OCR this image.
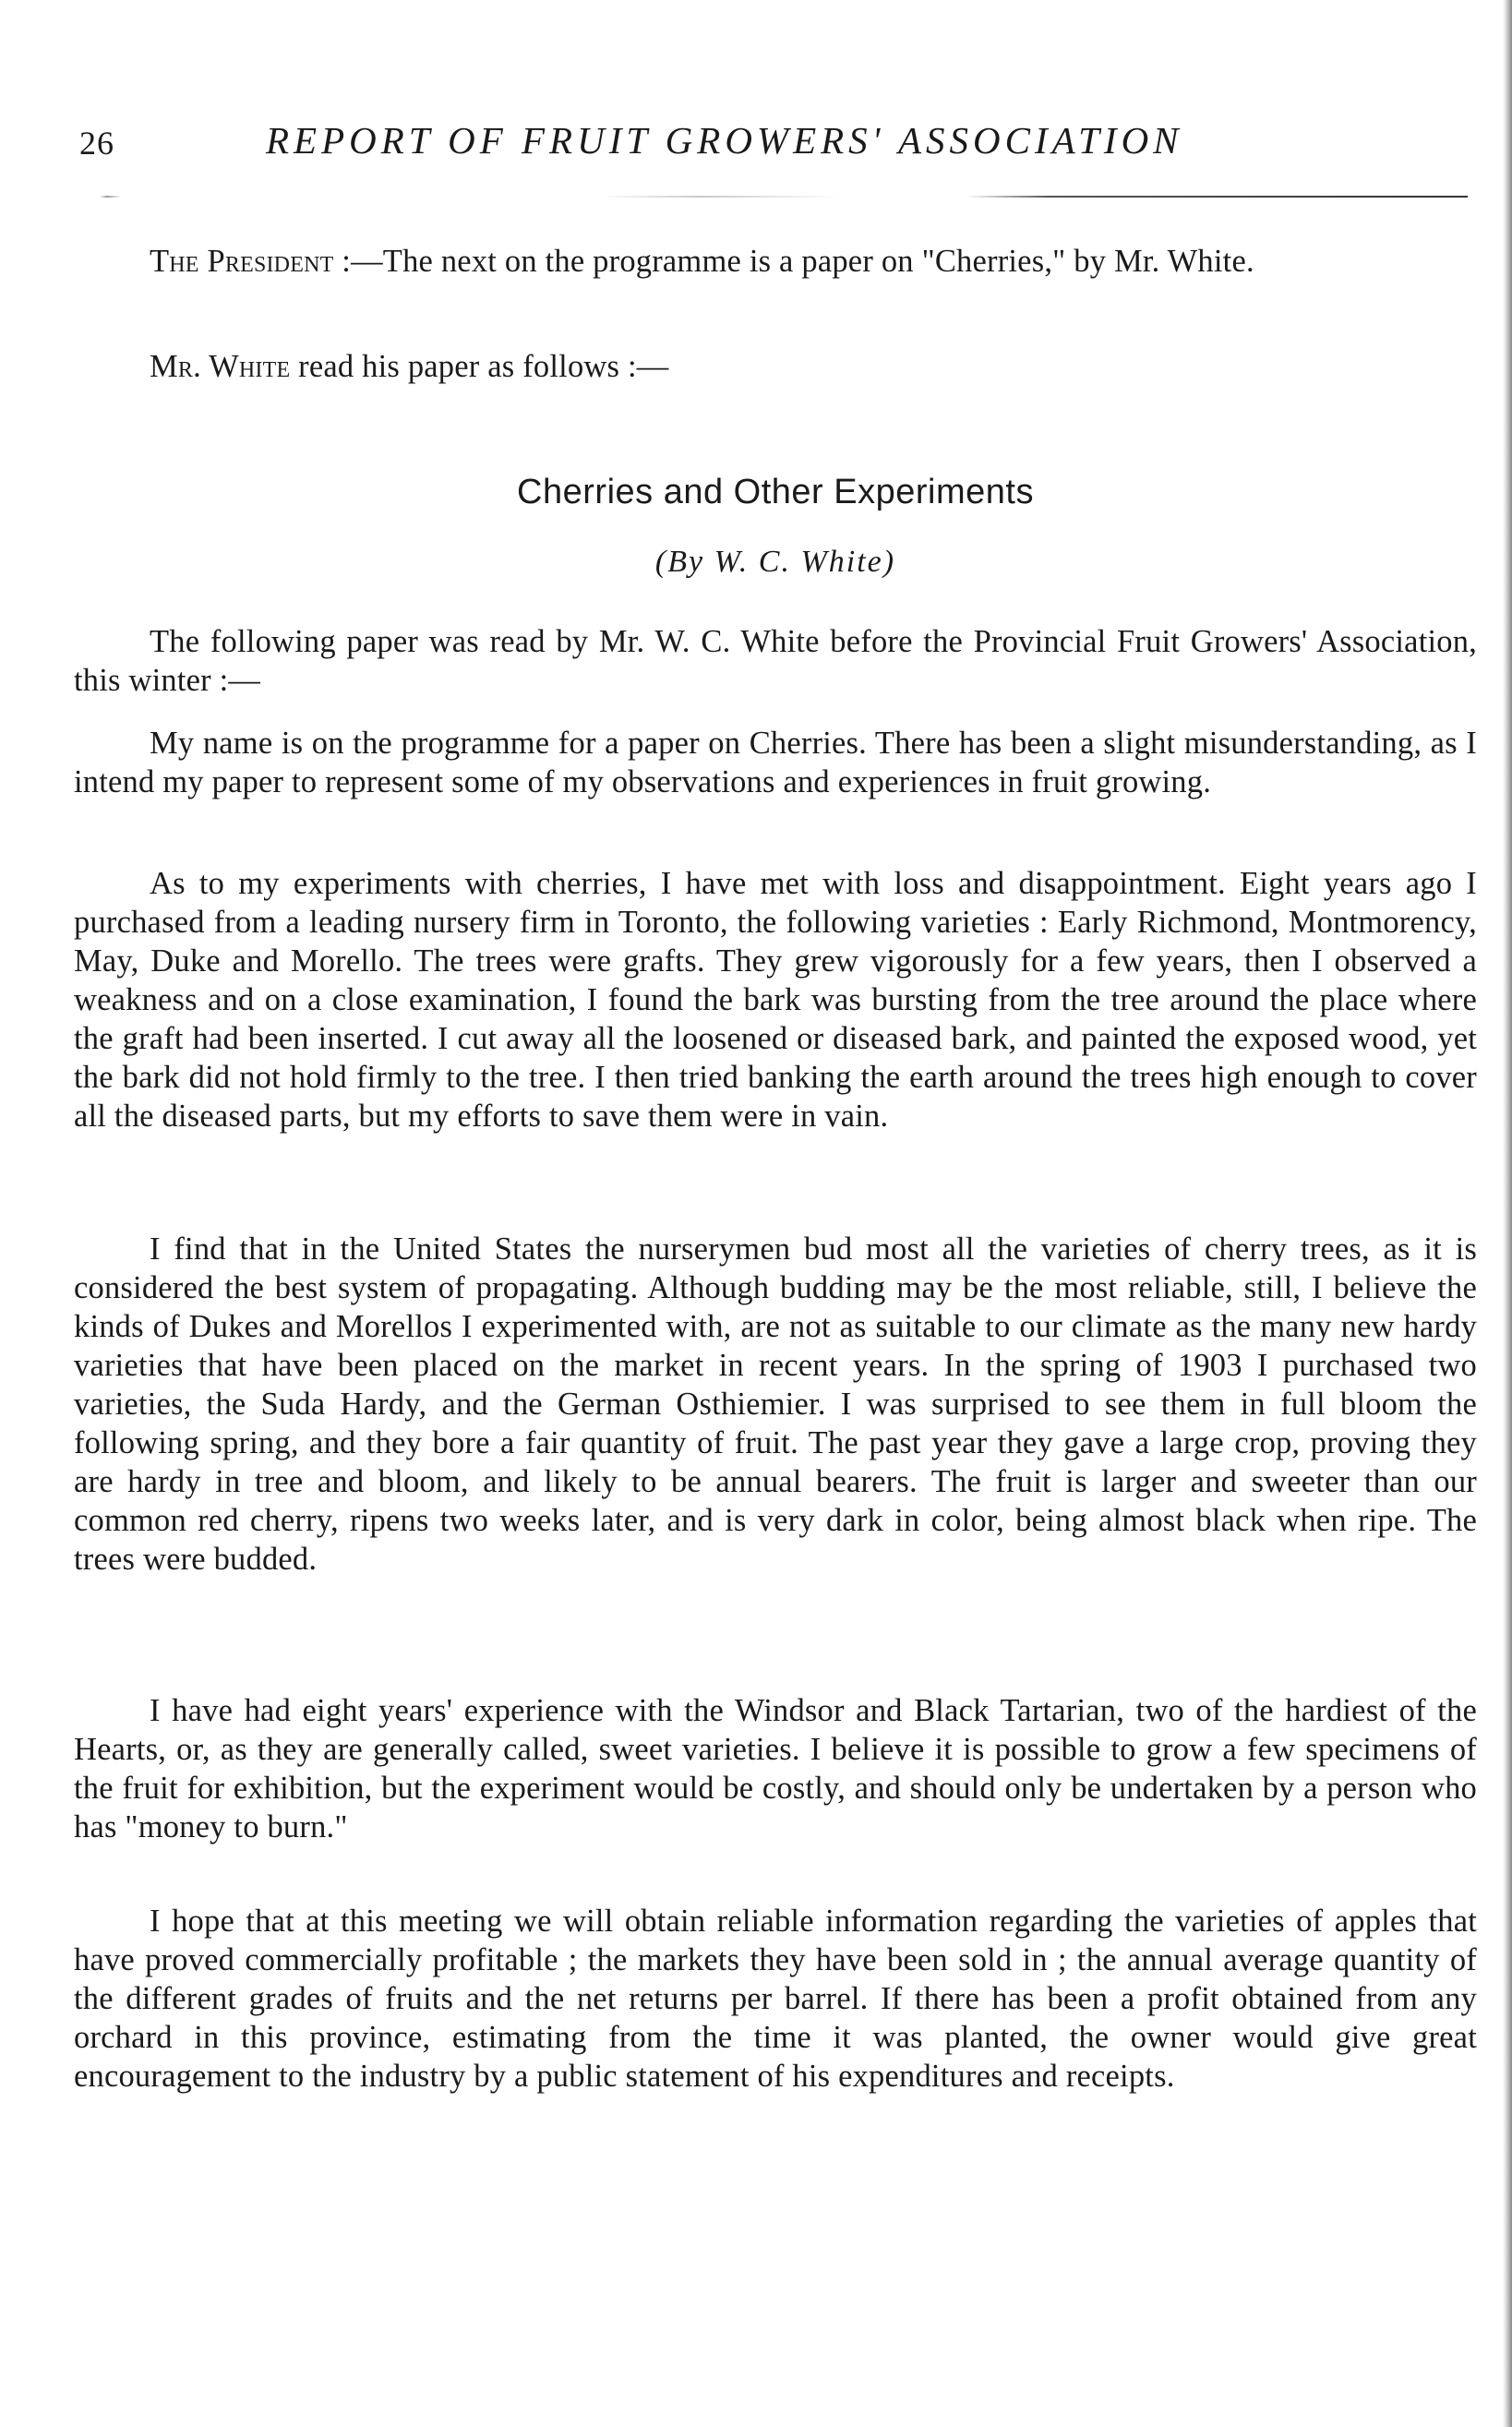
26	REPORT OF FRUIT GROWERS' ASSOCIATION

The President :—The next on the programme is a paper on "Cherries," by Mr. White.

Mr. White read his paper as follows :—

Cherries and Other Experiments
(By W. C. White)

The following paper was read by Mr. W. C. White before the Provincial Fruit Growers' Association, this winter :—

My name is on the programme for a paper on Cherries. There has been a slight misunderstanding, as I intend my paper to represent some of my observations and experiences in fruit growing.

As to my experiments with cherries, I have met with loss and disappointment. Eight years ago I purchased from a leading nursery firm in Toronto, the following varieties : Early Richmond, Montmorency, May, Duke and Morello. The trees were grafts. They grew vigorously for a few years, then I observed a weakness and on a close examination, I found the bark was bursting from the tree around the place where the graft had been inserted. I cut away all the loosened or diseased bark, and painted the exposed wood, yet the bark did not hold firmly to the tree. I then tried banking the earth around the trees high enough to cover all the diseased parts, but my efforts to save them were in vain.

I find that in the United States the nurserymen bud most all the varieties of cherry trees, as it is considered the best system of propagating. Although budding may be the most reliable, still, I believe the kinds of Dukes and Morellos I experimented with, are not as suitable to our climate as the many new hardy varieties that have been placed on the market in recent years. In the spring of 1903 I purchased two varieties, the Suda Hardy, and the German Osthiemier. I was surprised to see them in full bloom the following spring, and they bore a fair quantity of fruit. The past year they gave a large crop, proving they are hardy in tree and bloom, and likely to be annual bearers. The fruit is larger and sweeter than our common red cherry, ripens two weeks later, and is very dark in color, being almost black when ripe. The trees were budded.

I have had eight years' experience with the Windsor and Black Tartarian, two of the hardiest of the Hearts, or, as they are generally called, sweet varieties. I believe it is possible to grow a few specimens of the fruit for exhibition, but the experiment would be costly, and should only be undertaken by a person who has "money to burn."

I hope that at this meeting we will obtain reliable information regarding the varieties of apples that have proved commercially profitable ; the markets they have been sold in ; the annual average quantity of the different grades of fruits and the net returns per barrel. If there has been a profit obtained from any orchard in this province, estimating from the time it was planted, the owner would give great encouragement to the industry by a public statement of his expenditures and receipts.
